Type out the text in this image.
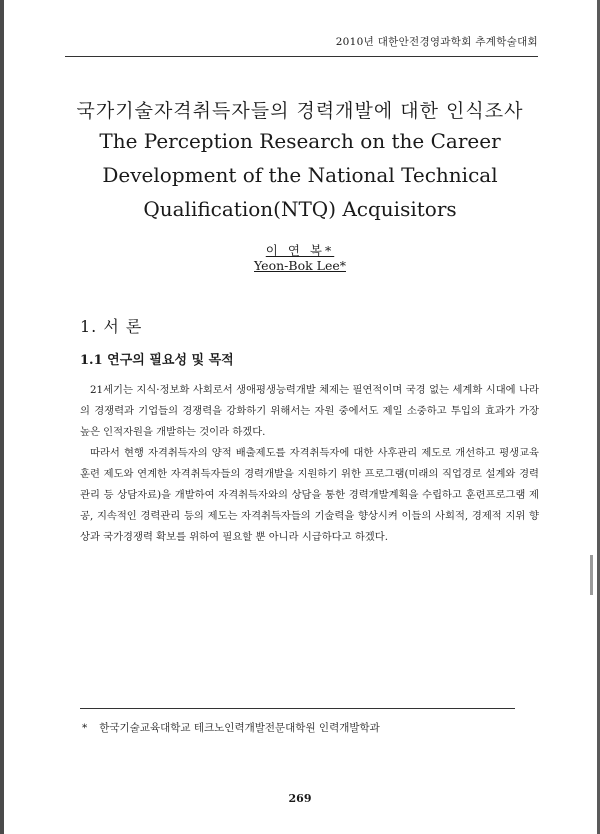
2010년 대한안전경영과학회 추계학술대회
국가기술자격취득자들의 경력개발에 대한 인식조사
The Perception Research on the Career
Development of the National Technical
Qualification(NTQ) Acquisitors
이 연 복*
Yeon-Bok Lee*
1. 서 론
1.1 연구의 필요성 및 목적

21세기는 지식·정보화 사회로서 생애평생능력개발 체제는 필연적이며 국경 없는 세계화 시대에 나라의 경쟁력과 기업들의 경쟁력을 강화하기 위해서는 자원 중에서도 제일 소중하고 투입의 효과가 가장 높은 인적자원을 개발하는 것이라 하겠다.

따라서 현행 자격취득자의 양적 배출제도를 자격취득자에 대한 사후관리 제도로 개선하고 평생교육훈련 제도와 연계한 자격취득자들의 경력개발을 지원하기 위한 프로그램(미래의 직업경로 설계와 경력관리 등 상담자료)을 개발하여 자격취득자와의 상담을 통한 경력개발계획을 수립하고 훈련프로그램 제공, 지속적인 경력관리 등의 제도는 자격취득자들의 기술력을 향상시켜 이들의 사회적, 경제적 지위 향상과 국가경쟁력 확보를 위하여 필요할 뿐 아니라 시급하다고 하겠다.

* 한국기술교육대학교 테크노인력개발전문대학원 인력개발학과
269
